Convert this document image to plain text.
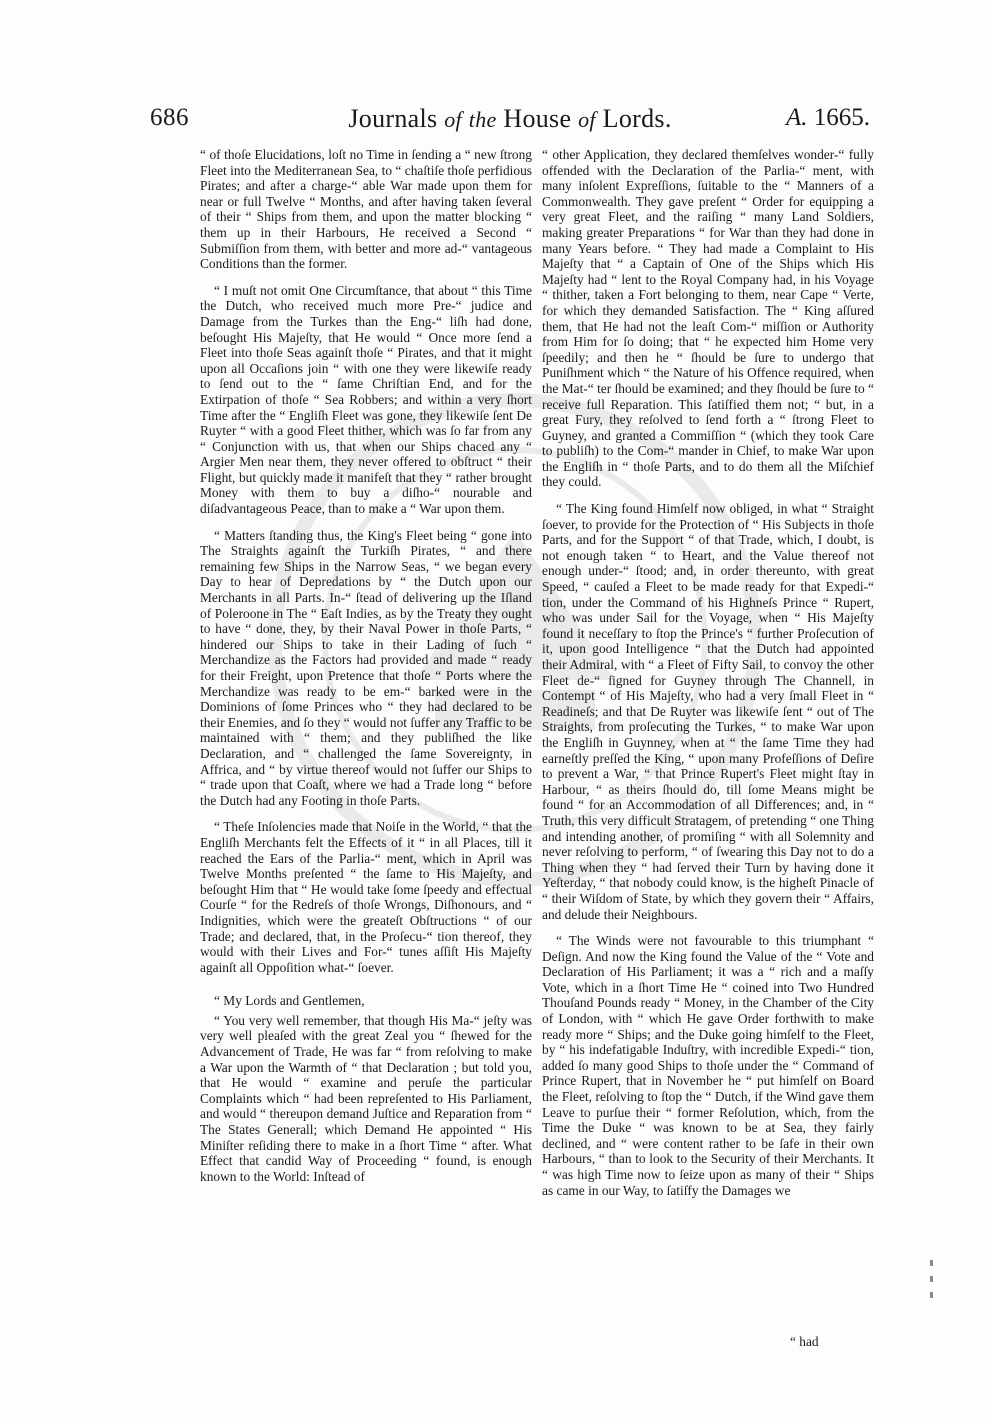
686	Journals of the House of Lords.	A. 1665.

“ of thoſe Elucidations, loſt no Time in ſending a “ new ſtrong Fleet into the Mediterranean Sea, to “ chaſtiſe thoſe perfidious Pirates; and after a charge-“ able War made upon them for near or full Twelve “ Months, and after having taken ſeveral of their “ Ships from them, and upon the matter blocking “ them up in their Harbours, He received a Second “ Submiſſion from them, with better and more ad-“ vantageous Conditions than the former.

“ I muſt not omit One Circumſtance, that about “ this Time the Dutch, who received much more Pre-“ judice and Damage from the Turkes than the Eng-“ liſh had done, beſought His Majeſty, that He would “ Once more ſend a Fleet into thoſe Seas againſt thoſe “ Pirates, and that it might upon all Occaſions join “ with one they were likewiſe ready to ſend out to the “ ſame Chriſtian End, and for the Extirpation of thoſe “ Sea Robbers; and within a very ſhort Time after the “ Engliſh Fleet was gone, they likewiſe ſent De Ruyter “ with a good Fleet thither, which was ſo far from any “ Conjunction with us, that when our Ships chaced any “ Argier Men near them, they never offered to obſtruct “ their Flight, but quickly made it manifeſt that they “ rather brought Money with them to buy a diſho-“ nourable and diſadvantageous Peace, than to make a “ War upon them.

“ Matters ſtanding thus, the King's Fleet being “ gone into The Straights againſt the Turkiſh Pirates, “ and there remaining few Ships in the Narrow Seas, “ we began every Day to hear of Depredations by “ the Dutch upon our Merchants in all Parts. In-“ ſtead of delivering up the Iſland of Poleroone in The “ Eaſt Indies, as by the Treaty they ought to have “ done, they, by their Naval Power in thoſe Parts, “ hindered our Ships to take in their Lading of ſuch “ Merchandize as the Factors had provided and made “ ready for their Freight, upon Pretence that thoſe “ Ports where the Merchandize was ready to be em-“ barked were in the Dominions of ſome Princes who “ they had declared to be their Enemies, and ſo they “ would not ſuffer any Traffic to be maintained with “ them; and they publiſhed the like Declaration, and “ challenged the ſame Sovereignty, in Affrica, and “ by virtue thereof would not ſuffer our Ships to “ trade upon that Coaſt, where we had a Trade long “ before the Dutch had any Footing in thoſe Parts.

“ Theſe Inſolencies made that Noiſe in the World, “ that the Engliſh Merchants felt the Effects of it “ in all Places, till it reached the Ears of the Parlia-“ ment, which in April was Twelve Months preſented “ the ſame to His Majeſty, and beſought Him that “ He would take ſome ſpeedy and effectual Courſe “ for the Redreſs of thoſe Wrongs, Diſhonours, and “ Indignities, which were the greateſt Obſtructions “ of our Trade; and declared, that, in the Proſecu-“ tion thereof, they would with their Lives and For-“ tunes aſſiſt His Majeſty againſt all Oppoſition what-“ ſoever.

“ My Lords and Gentlemen,

“ You very well remember, that though His Ma-“ jeſty was very well pleaſed with the great Zeal you “ ſhewed for the Advancement of Trade, He was far “ from reſolving to make a War upon the Warmth of “ that Declaration ; but told you, that He would “ examine and peruſe the particular Complaints which “ had been repreſented to His Parliament, and would “ thereupon demand Juſtice and Reparation from “ The States Generall; which Demand He appointed “ His Miniſter reſiding there to make in a ſhort Time “ after. What Effect that candid Way of Proceeding “ found, is enough known to the World: Inſtead of

“ other Application, they declared themſelves wonder-“ fully offended with the Declaration of the Parlia-“ ment, with many inſolent Expreſſions, ſuitable to the “ Manners of a Commonwealth. They gave preſent “ Order for equipping a very great Fleet, and the raiſing “ many Land Soldiers, making greater Preparations “ for War than they had done in many Years before. “ They had made a Complaint to His Majeſty that “ a Captain of One of the Ships which His Majeſty had “ lent to the Royal Company had, in his Voyage “ thither, taken a Fort belonging to them, near Cape “ Verte, for which they demanded Satisfaction. The “ King aſſured them, that He had not the leaſt Com-“ miſſion or Authority from Him for ſo doing; that “ he expected him Home very ſpeedily; and then he “ ſhould be ſure to undergo that Puniſhment which “ the Nature of his Offence required, when the Mat-“ ter ſhould be examined; and they ſhould be ſure to “ receive full Reparation. This ſatiſfied them not; “ but, in a great Fury, they reſolved to ſend forth a “ ſtrong Fleet to Guyney, and granted a Commiſſion “ (which they took Care to publiſh) to the Com-“ mander in Chief, to make War upon the Engliſh in “ thoſe Parts, and to do them all the Miſchief they could.

“ The King found Himſelf now obliged, in what “ Straight ſoever, to provide for the Protection of “ His Subjects in thoſe Parts, and for the Support “ of that Trade, which, I doubt, is not enough taken “ to Heart, and the Value thereof not enough under-“ ſtood; and, in order thereunto, with great Speed, “ cauſed a Fleet to be made ready for that Expedi-“ tion, under the Command of his Highneſs Prince “ Rupert, who was under Sail for the Voyage, when “ His Majeſty found it neceſſary to ſtop the Prince's “ further Proſecution of it, upon good Intelligence “ that the Dutch had appointed their Admiral, with “ a Fleet of Fifty Sail, to convoy the other Fleet de-“ ſigned for Guyney through The Channell, in Contempt “ of His Majeſty, who had a very ſmall Fleet in “ Readineſs; and that De Ruyter was likewiſe ſent “ out of The Straights, from proſecuting the Turkes, “ to make War upon the Engliſh in Guynney, when at “ the ſame Time they had earneſtly preſſed the King, “ upon many Profeſſions of Deſire to prevent a War, “ that Prince Rupert's Fleet might ſtay in Harbour, “ as theirs ſhould do, till ſome Means might be found “ for an Accommodation of all Differences; and, in “ Truth, this very difficult Stratagem, of pretending “ one Thing and intending another, of promiſing “ with all Solemnity and never reſolving to perform, “ of ſwearing this Day not to do a Thing when they “ had ſerved their Turn by having done it Yeſterday, “ that nobody could know, is the higheſt Pinacle of “ their Wiſdom of State, by which they govern their “ Affairs, and delude their Neighbours.

“ The Winds were not favourable to this triumphant “ Deſign. And now the King found the Value of the “ Vote and Declaration of His Parliament; it was a “ rich and a maſſy Vote, which in a ſhort Time He “ coined into Two Hundred Thouſand Pounds ready “ Money, in the Chamber of the City of London, with “ which He gave Order forthwith to make ready more “ Ships; and the Duke going himſelf to the Fleet, by “ his indefatigable Induſtry, with incredible Expedi-“ tion, added ſo many good Ships to thoſe under the “ Command of Prince Rupert, that in November he “ put himſelf on Board the Fleet, reſolving to ſtop the “ Dutch, if the Wind gave them Leave to purſue their “ former Reſolution, which, from the Time the Duke “ was known to be at Sea, they fairly declined, and “ were content rather to be ſafe in their own Harbours, “ than to look to the Security of their Merchants. It “ was high Time now to ſeize upon as many of their “ Ships as came in our Way, to ſatiſfy the Damages we

“ had
